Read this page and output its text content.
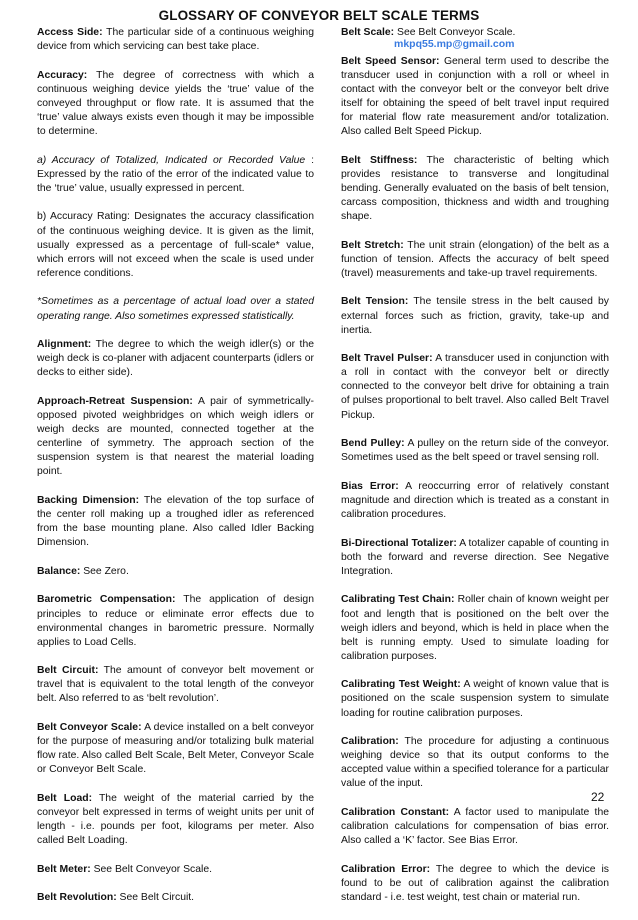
GLOSSARY OF CONVEYOR BELT SCALE TERMS

Access Side: The particular side of a continuous weighing device from which servicing can best take place.

Accuracy: The degree of correctness with which a continuous weighing device yields the ‘true’ value of the conveyed throughput or flow rate. It is assumed that the ‘true’ value always exists even though it may be impossible to determine.

a) Accuracy of Totalized, Indicated or Recorded Value : Expressed by the ratio of the error of the indicated value to the ‘true’ value, usually expressed in percent.

b) Accuracy Rating: Designates the accuracy classification of the continuous weighing device. It is given as the limit, usually expressed as a percentage of full-scale* value, which errors will not exceed when the scale is used under reference conditions.

*Sometimes as a percentage of actual load over a stated operating range. Also sometimes expressed statistically.

Alignment: The degree to which the weigh idler(s) or the weigh deck is co-planer with adjacent counterparts (idlers or decks to either side).

Approach-Retreat Suspension: A pair of symmetrically-opposed pivoted weighbridges on which weigh idlers or weigh decks are mounted, connected together at the centerline of symmetry. The approach section of the suspension system is that nearest the material loading point.

Backing Dimension: The elevation of the top surface of the center roll making up a troughed idler as referenced from the base mounting plane. Also called Idler Backing Dimension.

Balance: See Zero.

Barometric Compensation: The application of design principles to reduce or eliminate error effects due to environmental changes in barometric pressure. Normally applies to Load Cells.

Belt Circuit: The amount of conveyor belt movement or travel that is equivalent to the total length of the conveyor belt. Also referred to as ‘belt revolution’.

Belt Conveyor Scale: A device installed on a belt conveyor for the purpose of measuring and/or totalizing bulk material flow rate. Also called Belt Scale, Belt Meter, Conveyor Scale or Conveyor Belt Scale.

Belt Load: The weight of the material carried by the conveyor belt expressed in terms of weight units per unit of length - i.e. pounds per foot, kilograms per meter. Also called Belt Loading.

Belt Meter: See Belt Conveyor Scale.

Belt Revolution: See Belt Circuit.

Belt Scale: See Belt Conveyor Scale.

Belt Speed Sensor: General term used to describe the transducer used in conjunction with a roll or wheel in contact with the conveyor belt or the conveyor belt drive itself for obtaining the speed of belt travel input required for material flow rate measurement and/or totalization. Also called Belt Speed Pickup.

Belt Stiffness: The characteristic of belting which provides resistance to transverse and longitudinal bending. Generally evaluated on the basis of belt tension, carcass composition, thickness and width and troughing shape.

Belt Stretch: The unit strain (elongation) of the belt as a function of tension. Affects the accuracy of belt speed (travel) measurements and take-up travel requirements.

Belt Tension: The tensile stress in the belt caused by external forces such as friction, gravity, take-up and inertia.

Belt Travel Pulser: A transducer used in conjunction with a roll in contact with the conveyor belt or directly connected to the conveyor belt drive for obtaining a train of pulses proportional to belt travel. Also called Belt Travel Pickup.

Bend Pulley: A pulley on the return side of the conveyor. Sometimes used as the belt speed or travel sensing roll.

Bias Error: A reoccurring error of relatively constant magnitude and direction which is treated as a constant in calibration procedures.

Bi-Directional Totalizer: A totalizer capable of counting in both the forward and reverse direction. See Negative Integration.

Calibrating Test Chain: Roller chain of known weight per foot and length that is positioned on the belt over the weigh idlers and beyond, which is held in place when the belt is running empty. Used to simulate loading for calibration purposes.

Calibrating Test Weight: A weight of known value that is positioned on the scale suspension system to simulate loading for routine calibration purposes.

Calibration: The procedure for adjusting a continuous weighing device so that its output conforms to the accepted value within a specified tolerance for a particular value of the input.

Calibration Constant: A factor used to manipulate the calibration calculations for compensation of bias error. Also called a ‘K’ factor. See Bias Error.

Calibration Error: The degree to which the device is found to be out of calibration against the calibration standard - i.e. test weight, test chain or material run.

mkpq55.mp@gmail.com
22
